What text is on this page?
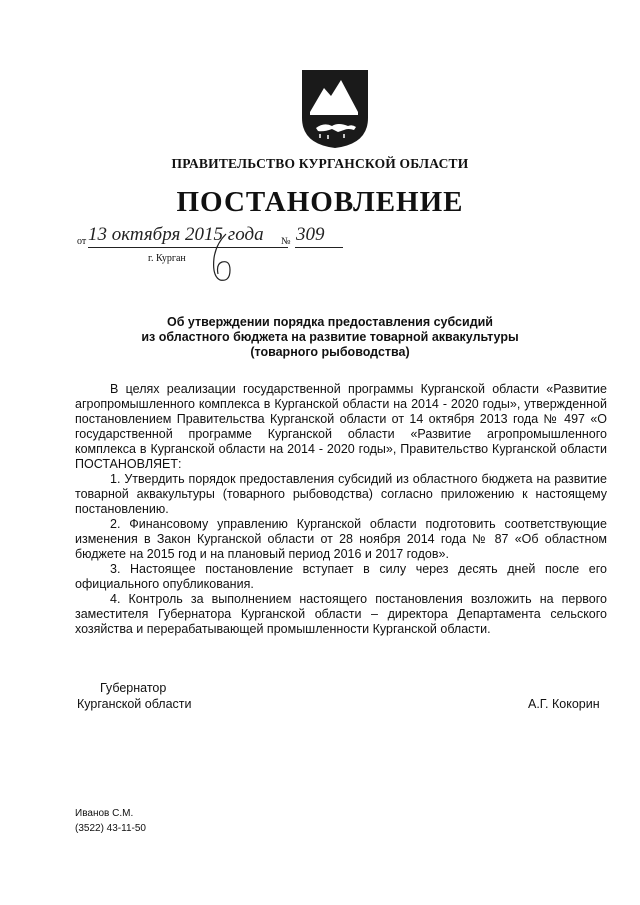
ПРАВИТЕЛЬСТВО КУРГАНСКОЙ ОБЛАСТИ
ПОСТАНОВЛЕНИЕ
от 13 октября 2015 года № 309
г. Курган
Об утверждении порядка предоставления субсидий
из областного бюджета на развитие товарной аквакультуры
(товарного рыбоводства)

В целях реализации государственной программы Курганской области «Развитие агропромышленного комплекса в Курганской области на 2014 - 2020 годы», утвержденной постановлением Правительства Курганской области от 14 октября 2013 года № 497 «О государственной программе Курганской области «Развитие агропромышленного комплекса в Курганской области на 2014 - 2020 годы», Правительство Курганской области ПОСТАНОВЛЯЕТ:

1. Утвердить порядок предоставления субсидий из областного бюджета на развитие товарной аквакультуры (товарного рыбоводства) согласно приложению к настоящему постановлению.

2. Финансовому управлению Курганской области подготовить соответствующие изменения в Закон Курганской области от 28 ноября 2014 года № 87 «Об областном бюджете на 2015 год и на плановый период 2016 и 2017 годов».

3. Настоящее постановление вступает в силу через десять дней после его официального опубликования.

4. Контроль за выполнением настоящего постановления возложить на первого заместителя Губернатора Курганской области – директора Департамента сельского хозяйства и перерабатывающей промышленности Курганской области.

Губернатор
Курганской области	А.Г. Кокорин
Иванов С.М.
(3522) 43-11-50
